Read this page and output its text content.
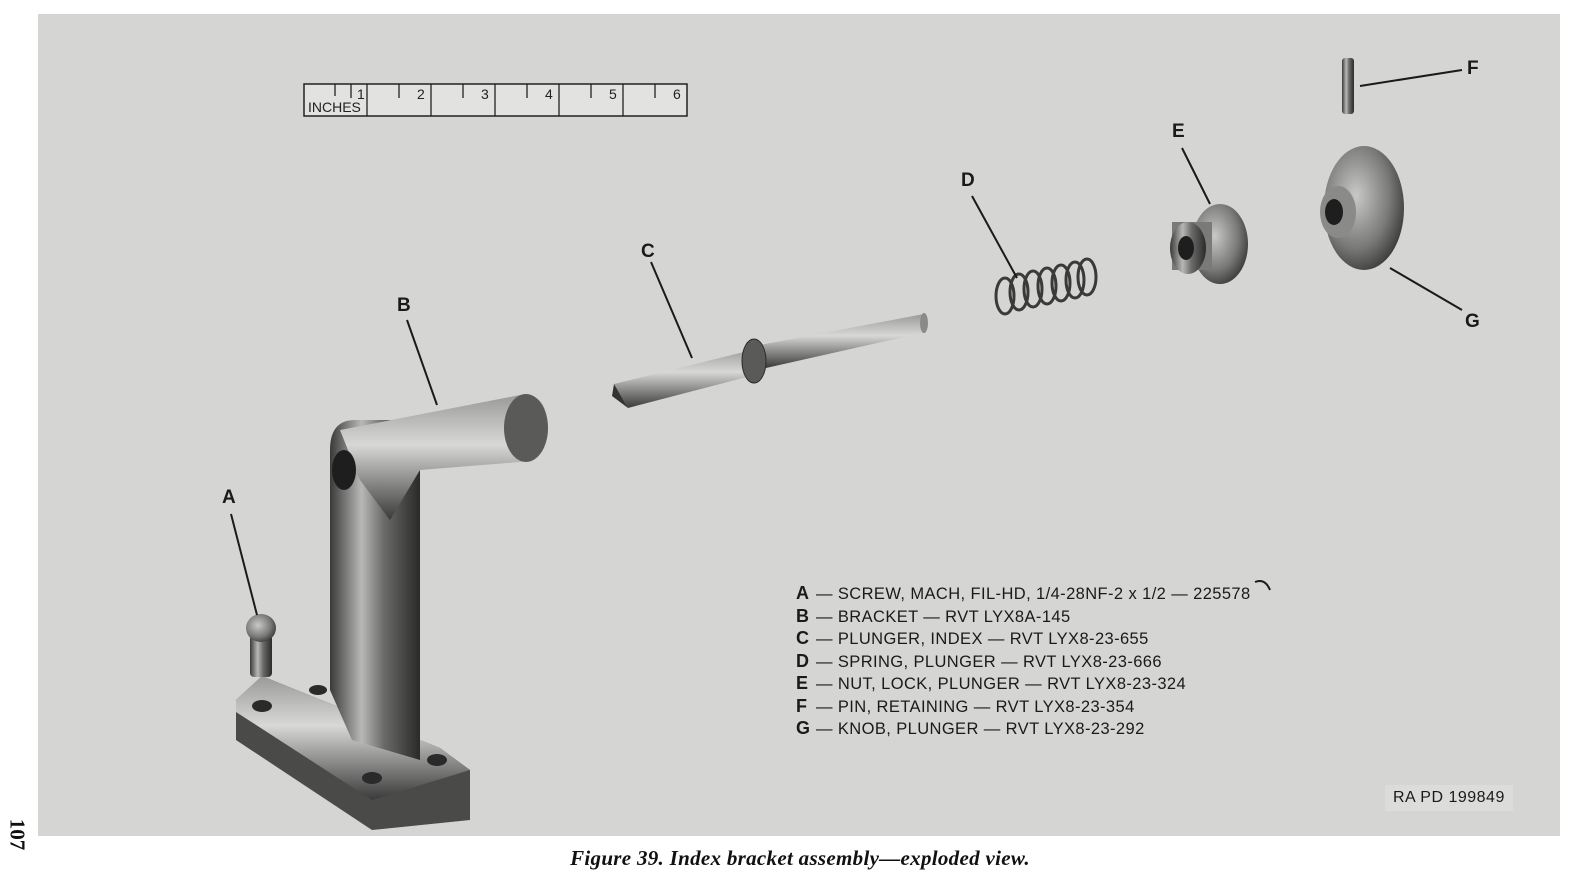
INCHES
1	2	3	4	5	6
A
B
C
D
E
F
G
A — SCREW, MACH, FIL-HD, 1/4-28NF-2 x 1/2 — 225578
B — BRACKET — RVT LYX8A-145
C — PLUNGER, INDEX — RVT LYX8-23-655
D — SPRING, PLUNGER — RVT LYX8-23-666
E — NUT, LOCK, PLUNGER — RVT LYX8-23-324
F — PIN, RETAINING — RVT LYX8-23-354
G — KNOB, PLUNGER — RVT LYX8-23-292
RA PD 199849
107
Figure 39. Index bracket assembly—exploded view.
